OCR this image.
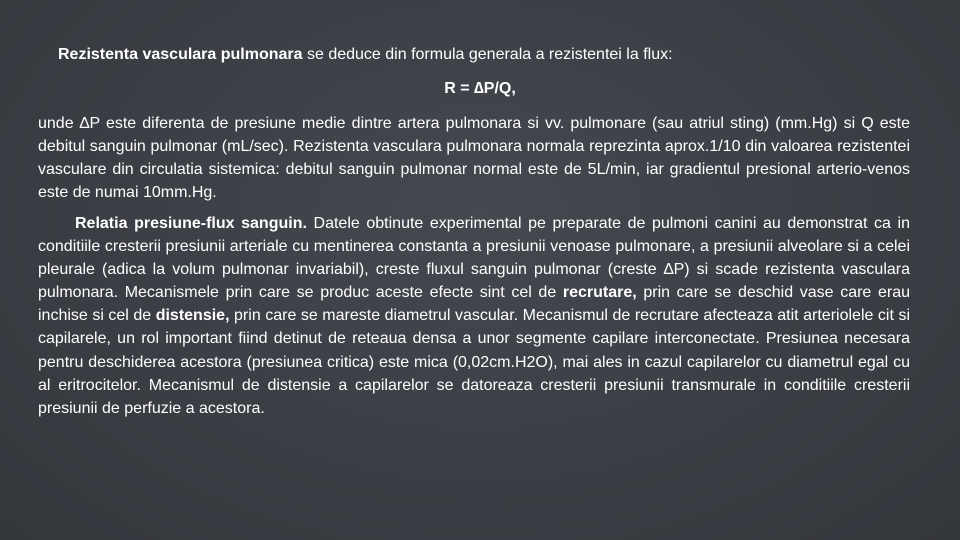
Rezistenta vasculara pulmonara se deduce din formula generala a rezistentei la flux:
R = ∆P/Q,
unde ∆P este diferenta de presiune medie dintre artera pulmonara si vv. pulmonare (sau atriul sting) (mm.Hg) si Q este debitul sanguin pulmonar (mL/sec). Rezistenta vasculara pulmonara normala reprezinta aprox.1/10 din valoarea rezistentei vasculare din circulatia sistemica: debitul sanguin pulmonar normal este de 5L/min, iar gradientul presional arterio-venos este de numai 10mm.Hg.
Relatia presiune-flux sanguin. Datele obtinute experimental pe preparate de pulmoni canini au demonstrat ca in conditiile cresterii presiunii arteriale cu mentinerea constanta a presiunii venoase pulmonare, a presiunii alveolare si a celei pleurale (adica la volum pulmonar invariabil), creste fluxul sanguin pulmonar (creste ∆P) si scade rezistenta vasculara pulmonara. Mecanismele prin care se produc aceste efecte sint cel de recrutare, prin care se deschid vase care erau inchise si cel de distensie, prin care se mareste diametrul vascular. Mecanismul de recrutare afecteaza atit arteriolele cit si capilarele, un rol important fiind detinut de reteaua densa a unor segmente capilare interconectate. Presiunea necesara pentru deschiderea acestora (presiunea critica) este mica (0,02cm.H2O), mai ales in cazul capilarelor cu diametrul egal cu al eritrocitelor. Mecanismul de distensie a capilarelor se datoreaza cresterii presiunii transmurale in conditiile cresterii presiunii de perfuzie a acestora.
